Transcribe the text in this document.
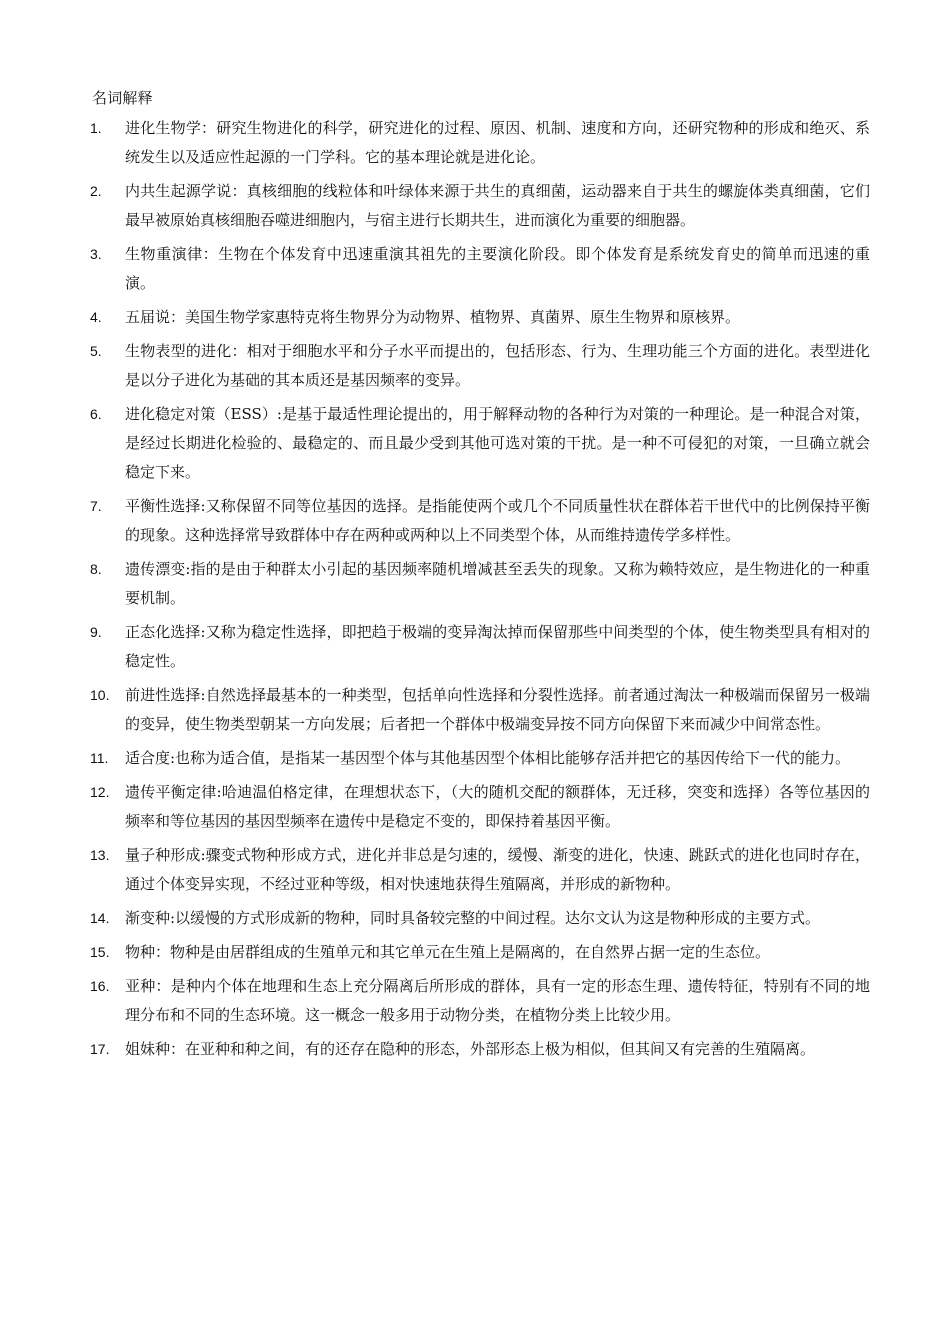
名词解释
1.	进化生物学：研究生物进化的科学，研究进化的过程、原因、机制、速度和方向，还研究物种的形成和绝灭、系统发生以及适应性起源的一门学科。它的基本理论就是进化论。
2.	内共生起源学说：真核细胞的线粒体和叶绿体来源于共生的真细菌，运动器来自于共生的螺旋体类真细菌，它们最早被原始真核细胞吞噬进细胞内，与宿主进行长期共生，进而演化为重要的细胞器。
3.	生物重演律：生物在个体发育中迅速重演其祖先的主要演化阶段。即个体发育是系统发育史的简单而迅速的重演。
4.	五届说：美国生物学家惠特克将生物界分为动物界、植物界、真菌界、原生生物界和原核界。
5.	生物表型的进化：相对于细胞水平和分子水平而提出的，包括形态、行为、生理功能三个方面的进化。表型进化是以分子进化为基础的其本质还是基因频率的变异。
6.	进化稳定对策（ESS）:是基于最适性理论提出的，用于解释动物的各种行为对策的一种理论。是一种混合对策，是经过长期进化检验的、最稳定的、而且最少受到其他可选对策的干扰。是一种不可侵犯的对策，一旦确立就会稳定下来。
7.	平衡性选择:又称保留不同等位基因的选择。是指能使两个或几个不同质量性状在群体若干世代中的比例保持平衡的现象。这种选择常导致群体中存在两种或两种以上不同类型个体，从而维持遗传学多样性。
8.	遗传漂变:指的是由于种群太小引起的基因频率随机增减甚至丢失的现象。又称为赖特效应，是生物进化的一种重要机制。
9.	正态化选择:又称为稳定性选择，即把趋于极端的变异淘汰掉而保留那些中间类型的个体，使生物类型具有相对的稳定性。
10.	前进性选择:自然选择最基本的一种类型，包括单向性选择和分裂性选择。前者通过淘汰一种极端而保留另一极端的变异，使生物类型朝某一方向发展；后者把一个群体中极端变异按不同方向保留下来而减少中间常态性。
11.	适合度:也称为适合值，是指某一基因型个体与其他基因型个体相比能够存活并把它的基因传给下一代的能力。
12.	遗传平衡定律:哈迪温伯格定律，在理想状态下，（大的随机交配的额群体，无迁移，突变和选择）各等位基因的频率和等位基因的基因型频率在遗传中是稳定不变的，即保持着基因平衡。
13.	量子种形成:骤变式物种形成方式，进化并非总是匀速的，缓慢、渐变的进化，快速、跳跃式的进化也同时存在，通过个体变异实现，不经过亚种等级，相对快速地获得生殖隔离，并形成的新物种。
14.	渐变种:以缓慢的方式形成新的物种，同时具备较完整的中间过程。达尔文认为这是物种形成的主要方式。
15.	物种：物种是由居群组成的生殖单元和其它单元在生殖上是隔离的，在自然界占据一定的生态位。
16.	亚种：是种内个体在地理和生态上充分隔离后所形成的群体，具有一定的形态生理、遗传特征，特别有不同的地理分布和不同的生态环境。这一概念一般多用于动物分类，在植物分类上比较少用。
17.	姐妹种：在亚种和种之间，有的还存在隐种的形态，外部形态上极为相似，但其间又有完善的生殖隔离。
